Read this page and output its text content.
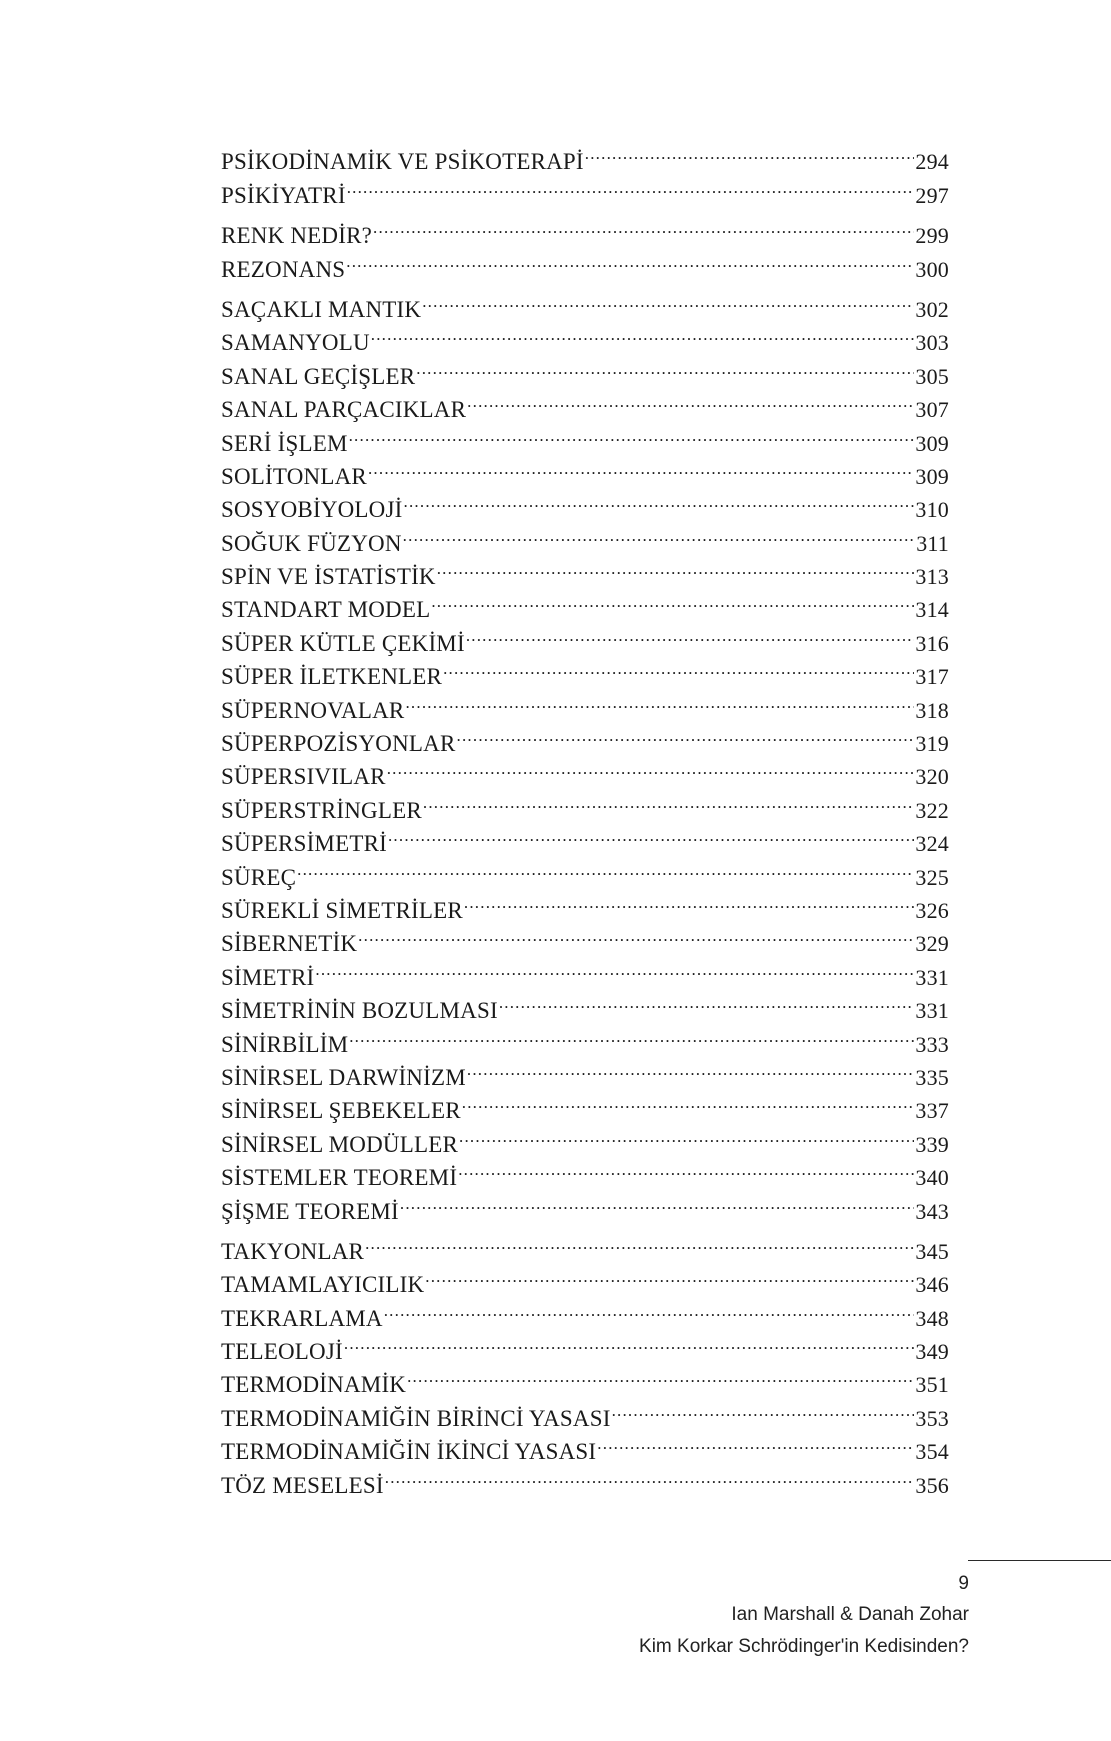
PSİKODİNAMİK VE PSİKOTERAPİ .....	294
PSİKİYATRİ .....	297
RENK NEDİR? .....	299
REZONANS .....	300
SAÇAKLI MANTIK .....	302
SAMANYOLU .....	303
SANAL GEÇİŞLER .....	305
SANAL PARÇACIKLAR .....	307
SERİ İŞLEM .....	309
SOLİTONLAR .....	309
SOSYOBİYOLOJİ .....	310
SOĞUK FÜZYON .....	311
SPİN VE İSTATİSTİK .....	313
STANDART MODEL .....	314
SÜPER KÜTLE ÇEKİMİ .....	316
SÜPER İLETKENLER .....	317
SÜPERNOVALAR .....	318
SÜPERPOZİSYONLAR .....	319
SÜPERSIVILAR .....	320
SÜPERSTRİNGLER .....	322
SÜPERSİMETRİ .....	324
SÜREÇ .....	325
SÜREKLİ SİMETRİLER .....	326
SİBERNETİK .....	329
SİMETRİ .....	331
SİMETRİNİN BOZULMASI .....	331
SİNİRBİLİM .....	333
SİNİRSEL DARWİNİZM .....	335
SİNİRSEL ŞEBEKELER .....	337
SİNİRSEL MODÜLLER .....	339
SİSTEMLER TEOREMİ .....	340
ŞİŞME TEOREMİ .....	343
TAKYONLAR .....	345
TAMAMLAYICILIK .....	346
TEKRARLAMA .....	348
TELEOLOJİ .....	349
TERMODİNAMİK .....	351
TERMODİNAMİĞİN BİRİNCİ YASASI .....	353
TERMODİNAMİĞİN İKİNCİ YASASI .....	354
TÖZ MESELESİ .....	356
9
Ian Marshall & Danah Zohar
Kim Korkar Schrödinger'in Kedisinden?
